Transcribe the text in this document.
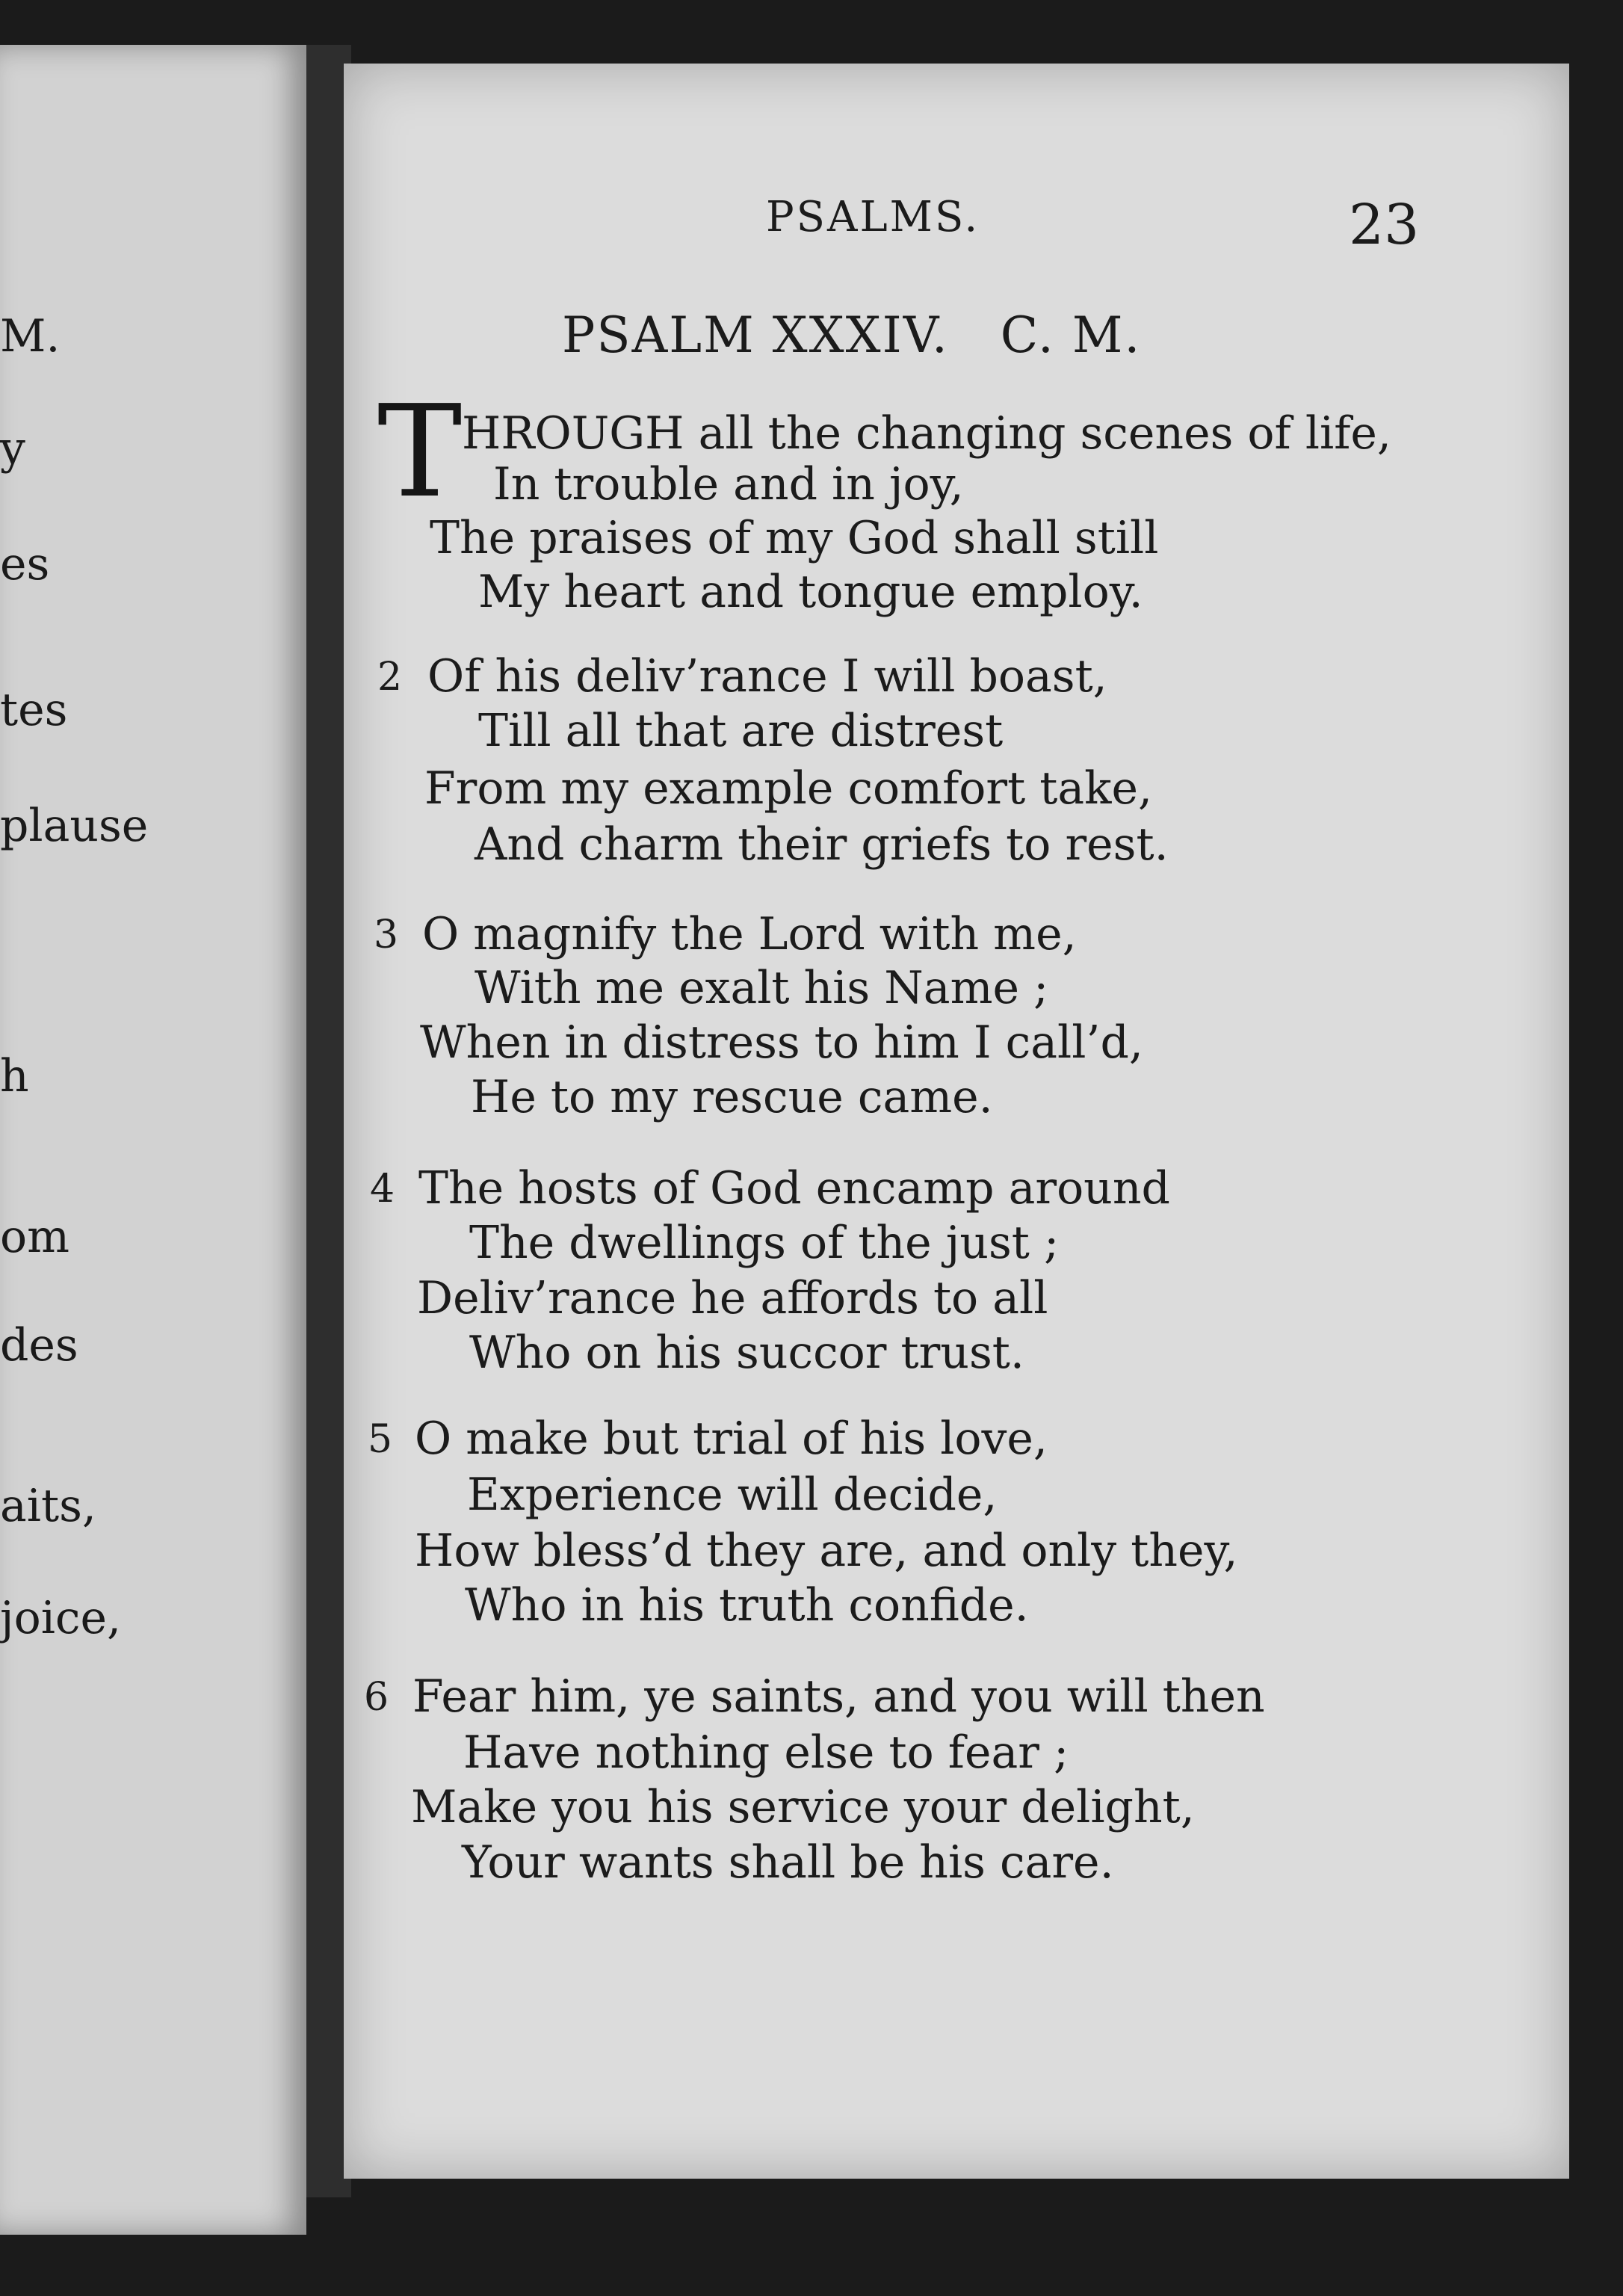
M.
y
es
tes
plause
h
om
des
aits,
joice,
PSALMS.	23
PSALM XXXIV.   C. M.
T HROUGH all the changing scenes of life,
In trouble and in joy,
The praises of my God shall still
My heart and tongue employ.
2 Of his deliv’rance I will boast,
Till all that are distrest
From my example comfort take,
And charm their griefs to rest.
3 O magnify the Lord with me,
With me exalt his Name ;
When in distress to him I call’d,
He to my rescue came.
4 The hosts of God encamp around
The dwellings of the just ;
Deliv’rance he affords to all
Who on his succor trust.
5 O make but trial of his love,
Experience will decide,
How bless’d they are, and only they,
Who in his truth confide.
6 Fear him, ye saints, and you will then
Have nothing else to fear ;
Make you his service your delight,
Your wants shall be his care.
